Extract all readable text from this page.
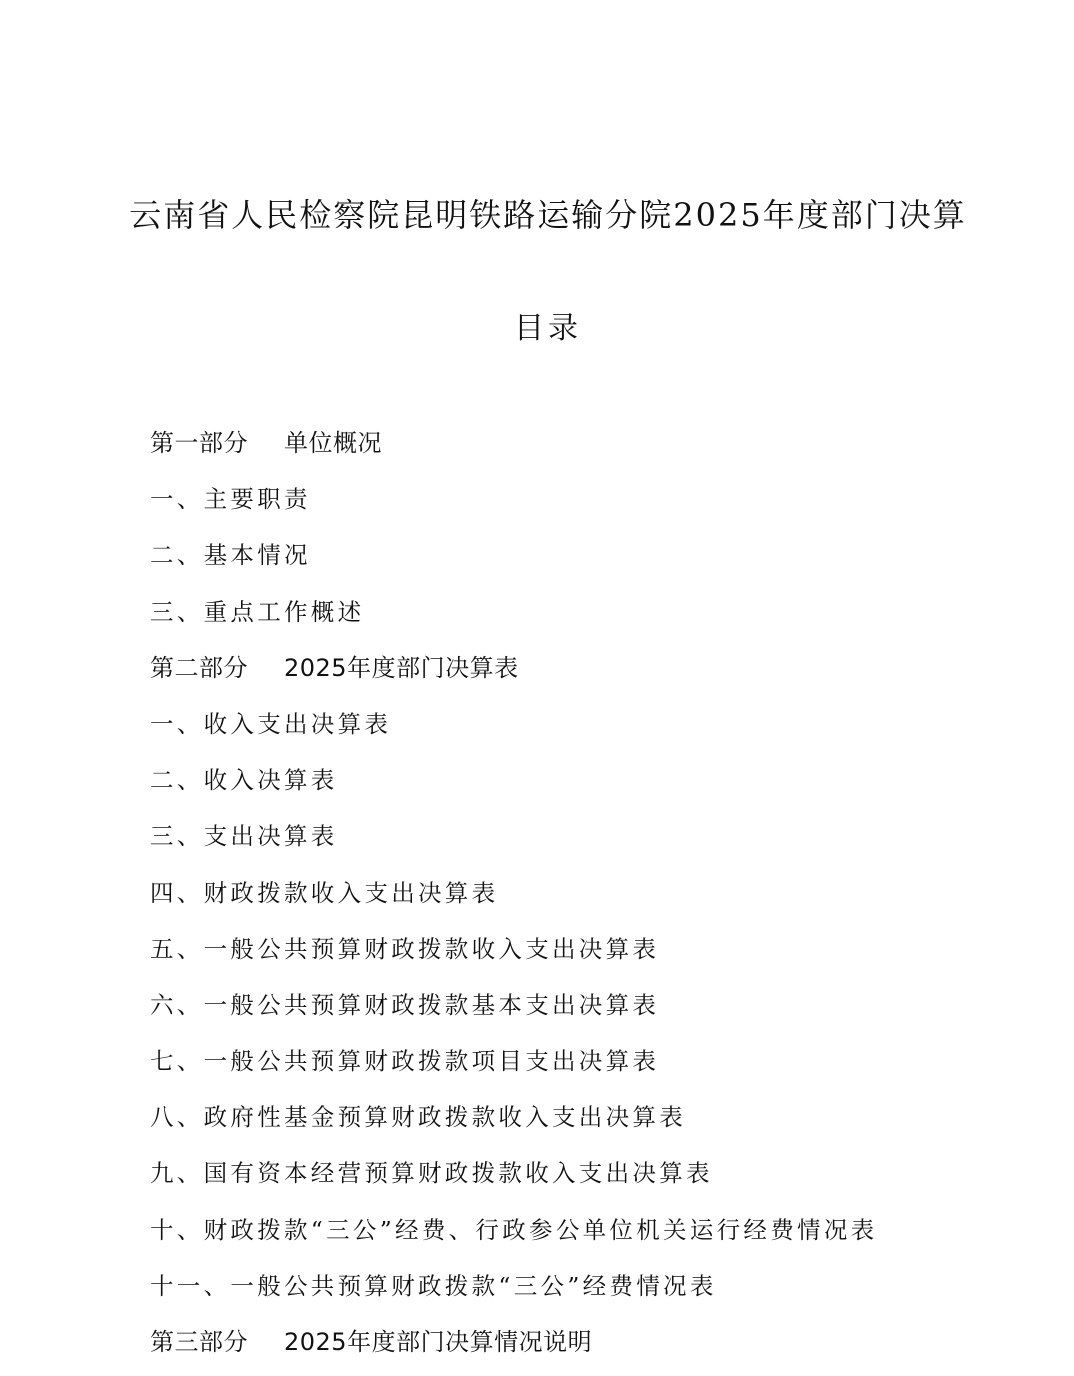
云南省人民检察院昆明铁路运输分院2025年度部门决算
目录
第一部分 单位概况
一、主要职责
二、基本情况
三、重点工作概述
第二部分 2025年度部门决算表
一、收入支出决算表
二、收入决算表
三、支出决算表
四、财政拨款收入支出决算表
五、一般公共预算财政拨款收入支出决算表
六、一般公共预算财政拨款基本支出决算表
七、一般公共预算财政拨款项目支出决算表
八、政府性基金预算财政拨款收入支出决算表
九、国有资本经营预算财政拨款收入支出决算表
十、财政拨款“三公”经费、行政参公单位机关运行经费情况表
十一、一般公共预算财政拨款“三公”经费情况表
第三部分 2025年度部门决算情况说明
